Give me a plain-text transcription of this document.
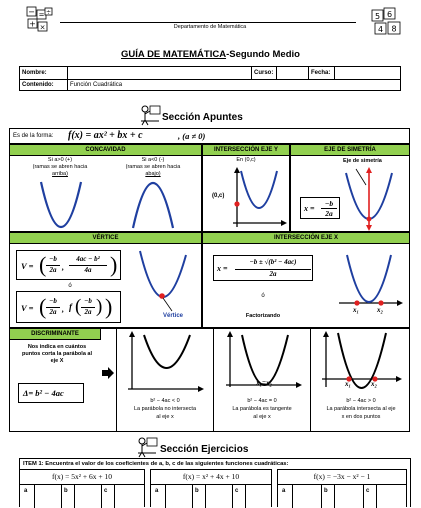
− =
+ ×
÷
Departamento de Matemática
5 6
4 8
GUÍA DE MATEMÁTICA-Segundo Medio
Nombre:		Curso:		Fecha:	
Contenido:	Función Cuadrática				
Sección Apuntes
Es de la forma: f(x) = ax² + bx + c	, (a ≠ 0)
CONCAVIDAD
Si a>0 (+)
(ramas se abren hacia
arriba)
Si a<0 (-)
(ramas se abren hacia
abajo)
INTERSECCIÓN EJE Y
En (0,c)
(0,c)
EJE DE SIMETRÍA
Eje de simetría
x =
−b
2a
VÉRTICE
V = ( −b
2a ,
4ac − b²
4a )
ó
V = ( −b
2a , f ( −b
2a ) )	Vértice
INTERSECCIÓN EJE X
x =
−b ± √(b² − 4ac)
2a
ó
Factorizando
x₁	x₂
DISCRIMINANTE
Nos indica en cuántos
puntos corta la parábola al
eje X
Δ= b² − 4ac
b² − 4ac < 0
La parábola no intersecta
al eje x
x₁=x₂
b² − 4ac = 0
La parábola es tangente
al eje x
x₁	x₂
b² − 4ac > 0
La parábola intersecta al eje
x en dos puntos
Sección Ejercicios
ITEM 1: Encuentra el valor de los coeficientes de a, b, c de las siguientes funciones cuadráticas:
f(x) = 5x² + 6x + 10
a	b	c
f(x) = x² + 4x + 10
a	b	c
f(x) = −3x − x² − 1
a	b	c
